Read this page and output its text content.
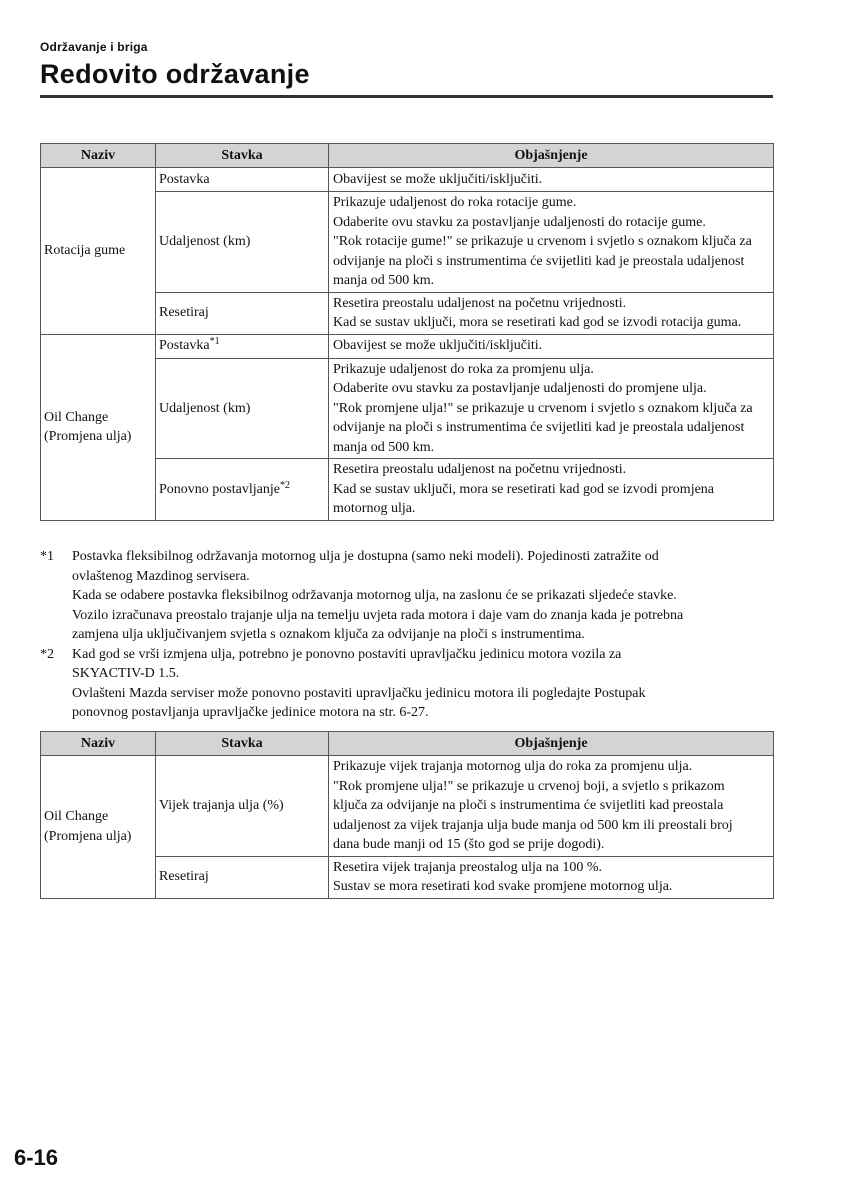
Održavanje i briga
Redovito održavanje
Naziv	Stavka	Objašnjenje

Rotacija gume	Postavka	Obavijest se može uključiti/isključiti.

	Udaljenost (km)	Prikazuje udaljenost do roka rotacije gume.
Odaberite ovu stavku za postavljanje udaljenosti do rotacije gume.
"Rok rotacije gume!" se prikazuje u crvenom i svjetlo s oznakom ključa za
odvijanje na ploči s instrumentima će svijetliti kad je preostala udaljenost
manja od 500 km.

	Resetiraj	Resetira preostalu udaljenost na početnu vrijednosti.
Kad se sustav uključi, mora se resetirati kad god se izvodi rotacija guma.

Oil Change
(Promjena ulja)	Postavka$^{*1}$	Obavijest se može uključiti/isključiti.

	Udaljenost (km)	Prikazuje udaljenost do roka za promjenu ulja.
Odaberite ovu stavku za postavljanje udaljenosti do promjene ulja.
"Rok promjene ulja!" se prikazuje u crvenom i svjetlo s oznakom ključa za
odvijanje na ploči s instrumentima će svijetliti kad je preostala udaljenost
manja od 500 km.

	Ponovno postavljanje$^{*2}$	Resetira preostalu udaljenost na početnu vrijednosti.
Kad se sustav uključi, mora se resetirati kad god se izvodi promjena
motornog ulja.
*1 Postavka fleksibilnog održavanja motornog ulja je dostupna (samo neki modeli). Pojedinosti zatražite od
ovlaštenog Mazdinog servisera.
Kada se odabere postavka fleksibilnog održavanja motornog ulja, na zaslonu će se prikazati sljedeće stavke.
Vozilo izračunava preostalo trajanje ulja na temelju uvjeta rada motora i daje vam do znanja kada je potrebna
zamjena ulja uključivanjem svjetla s oznakom ključa za odvijanje na ploči s instrumentima.
*2 Kad god se vrši izmjena ulja, potrebno je ponovno postaviti upravljačku jedinicu motora vozila za
SKYACTIV-D 1.5.
Ovlašteni Mazda serviser može ponovno postaviti upravljačku jedinicu motora ili pogledajte Postupak
ponovnog postavljanja upravljačke jedinice motora na str. 6-27.
Naziv	Stavka	Objašnjenje

Oil Change
(Promjena ulja)	Vijek trajanja ulja (%)	Prikazuje vijek trajanja motornog ulja do roka za promjenu ulja.
"Rok promjene ulja!" se prikazuje u crvenoj boji, a svjetlo s prikazom
ključa za odvijanje na ploči s instrumentima će svijetliti kad preostala
udaljenost za vijek trajanja ulja bude manja od 500 km ili preostali broj
dana bude manji od 15 (što god se prije dogodi).

	Resetiraj	Resetira vijek trajanja preostalog ulja na 100 %.
Sustav se mora resetirati kod svake promjene motornog ulja.
6-16
